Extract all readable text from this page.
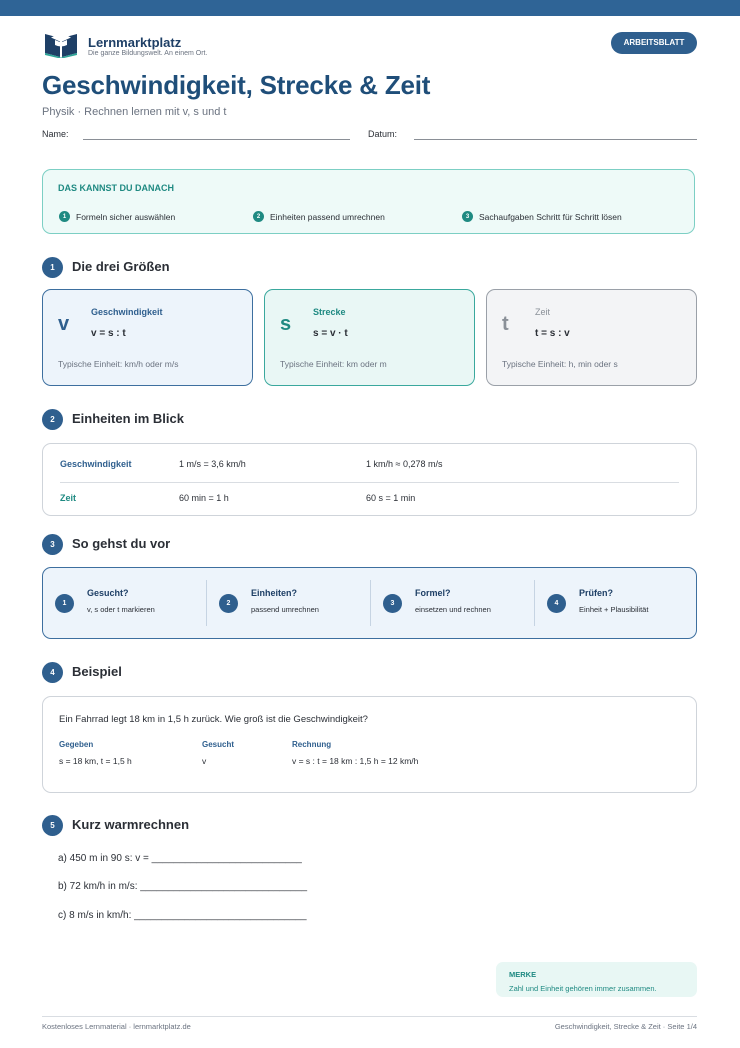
Lernmarktplatz
Die ganze Bildungswelt. An einem Ort.
ARBEITSBLATT
Geschwindigkeit, Strecke & Zeit
Physik · Rechnen lernen mit v, s und t
Name:	Datum:
DAS KANNST DU DANACH
1	Formeln sicher auswählen	2	Einheiten passend umrechnen	3	Sachaufgaben Schritt für Schritt lösen
1	Die drei Größen
v
Geschwindigkeit
v = s : t
Typische Einheit: km/h oder m/s
s
Strecke
s = v · t
Typische Einheit: km oder m
t
Zeit
t = s : v
Typische Einheit: h, min oder s
2	Einheiten im Blick
Geschwindigkeit	1 m/s = 3,6 km/h	1 km/h ≈ 0,278 m/s
Zeit	60 min = 1 h	60 s = 1 min
3	So gehst du vor
1
Gesucht?
v, s oder t markieren
2
Einheiten?
passend umrechnen
3
Formel?
einsetzen und rechnen
4
Prüfen?
Einheit + Plausibilität
4	Beispiel
Ein Fahrrad legt 18 km in 1,5 h zurück. Wie groß ist die Geschwindigkeit?
Gegeben
s = 18 km, t = 1,5 h
Gesucht
v
Rechnung
v = s : t = 18 km : 1,5 h = 12 km/h
5	Kurz warmrechnen
a) 450 m in 90 s: v = ___________________________
b) 72 km/h in m/s: ______________________________
c) 8 m/s in km/h: _______________________________
MERKE
Zahl und Einheit gehören immer zusammen.
Kostenloses Lernmaterial · lernmarktplatz.de	Geschwindigkeit, Strecke & Zeit · Seite 1/4
